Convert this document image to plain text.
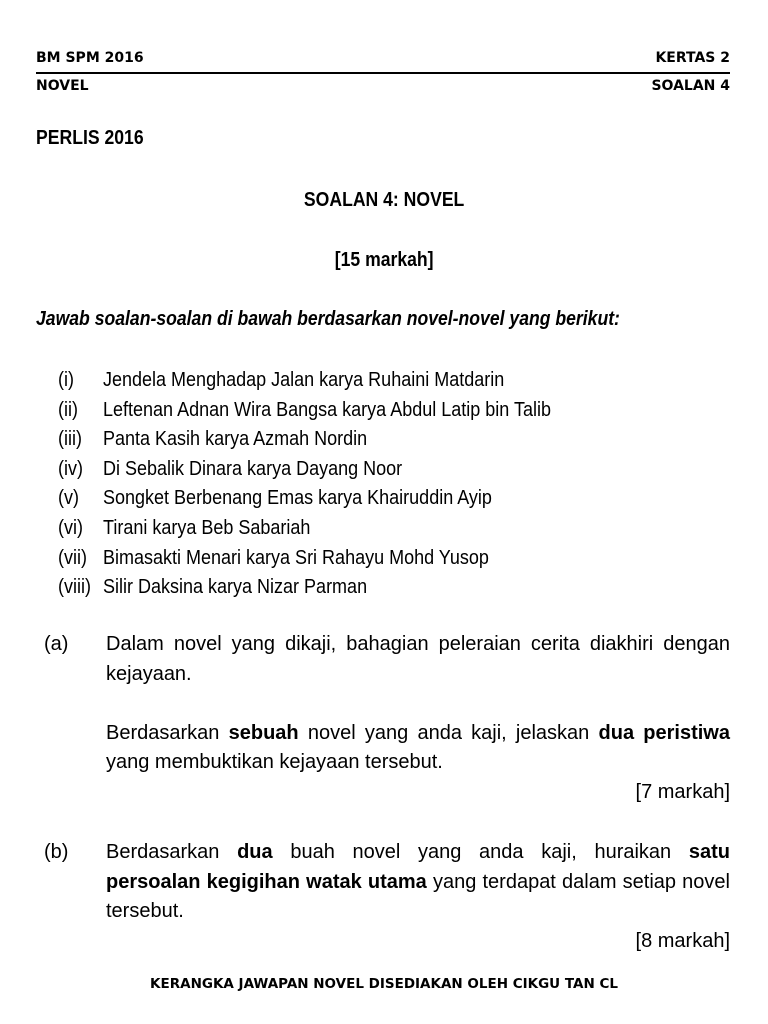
BM SPM 2016	KERTAS 2
NOVEL	SOALAN 4
PERLIS 2016
SOALAN 4: NOVEL
[15 markah]
Jawab soalan-soalan di bawah berdasarkan novel-novel yang berikut:
(i)	Jendela Menghadap Jalan karya Ruhaini Matdarin
(ii)	Leftenan Adnan Wira Bangsa karya Abdul Latip bin Talib
(iii)	Panta Kasih karya Azmah Nordin
(iv)	Di Sebalik Dinara karya Dayang Noor
(v)	Songket Berbenang Emas karya Khairuddin Ayip
(vi)	Tirani karya Beb Sabariah
(vii) Bimasakti Menari karya Sri Rahayu Mohd Yusop
(viii) Silir Daksina karya Nizar Parman
(a) Dalam novel yang dikaji, bahagian peleraian cerita diakhiri dengan kejayaan.

Berdasarkan sebuah novel yang anda kaji, jelaskan dua peristiwa yang membuktikan kejayaan tersebut.

[7 markah]
(b) Berdasarkan dua buah novel yang anda kaji, huraikan satu persoalan kegigihan watak utama yang terdapat dalam setiap novel tersebut.

[8 markah]
KERANGKA JAWAPAN NOVEL DISEDIAKAN OLEH CIKGU TAN CL
